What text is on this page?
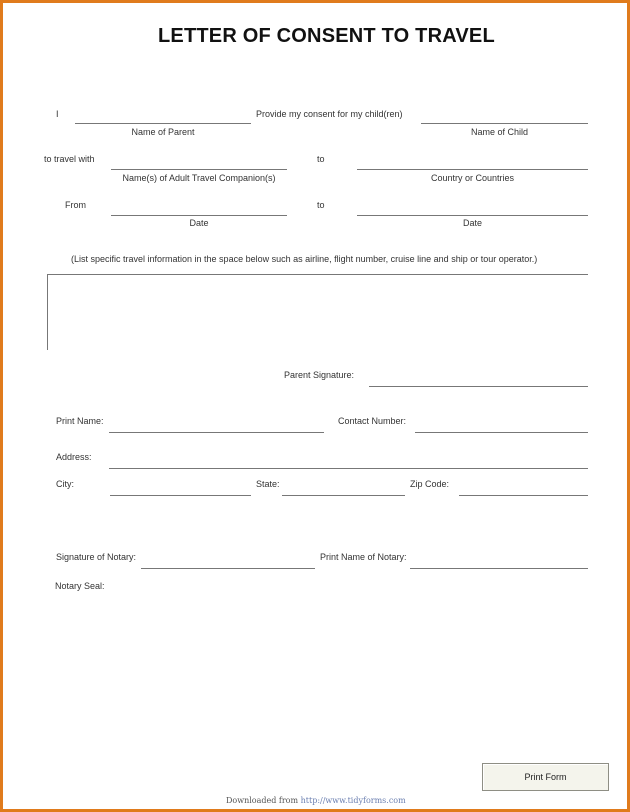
LETTER OF CONSENT TO TRAVEL
I	Provide my consent for my child(ren)
Name of Parent	Name of Child
to travel with	to
Name(s) of Adult Travel Companion(s)	Country or Countries
From	to
Date	Date
(List specific travel information in the space below such as airline, flight number, cruise line and ship or tour operator.)
Parent Signature:
Print Name:	Contact Number:
Address:
City:	State:	Zip Code:
Signature of Notary:	Print Name of Notary:
Notary Seal:
Print Form
Downloaded from http://www.tidyforms.com
